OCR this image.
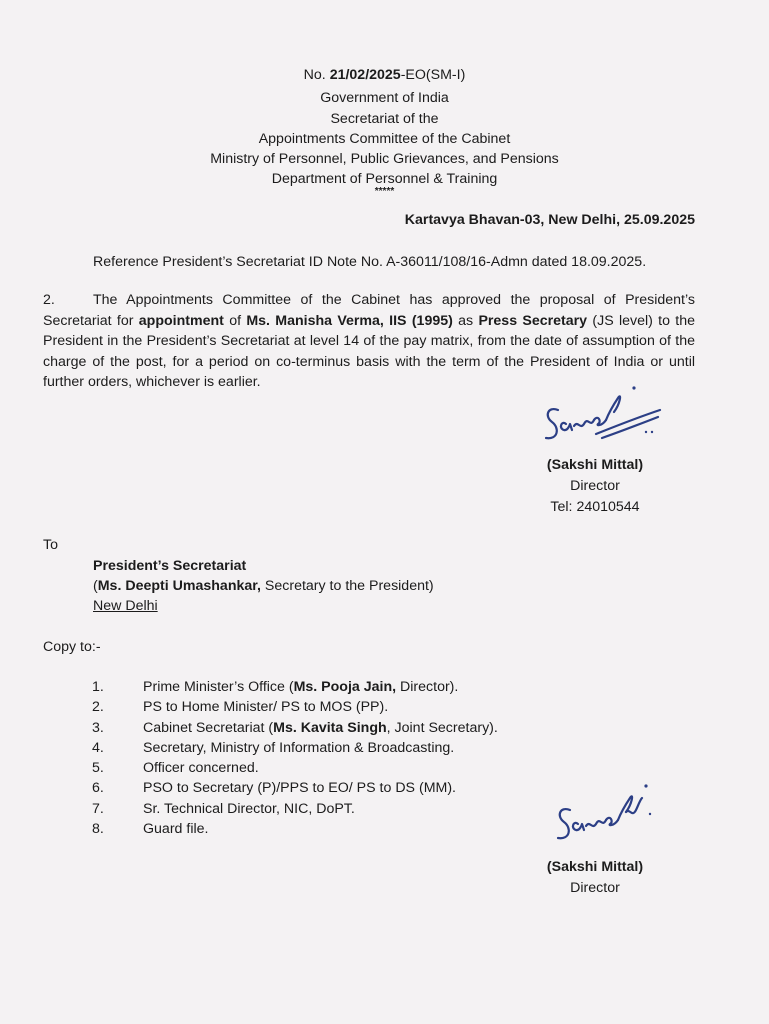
No. 21/02/2025-EO(SM-I)
Government of India
Secretariat of the
Appointments Committee of the Cabinet
Ministry of Personnel, Public Grievances, and Pensions
Department of Personnel & Training
*****
Kartavya Bhavan-03, New Delhi, 25.09.2025
Reference President’s Secretariat ID Note No. A-36011/108/16-Admn dated 18.09.2025.
2.	The Appointments Committee of the Cabinet has approved the proposal of President’s Secretariat for appointment of Ms. Manisha Verma, IIS (1995) as Press Secretary (JS level) to the President in the President’s Secretariat at level 14 of the pay matrix, from the date of assumption of the charge of the post, for a period on co-terminus basis with the term of the President of India or until further orders, whichever is earlier.
(Sakshi Mittal)
Director
Tel: 24010544
To
President’s Secretariat
(Ms. Deepti Umashankar, Secretary to the President)
New Delhi
Copy to:-
1.	Prime Minister’s Office (Ms. Pooja Jain, Director).
2.	PS to Home Minister/ PS to MOS (PP).
3.	Cabinet Secretariat (Ms. Kavita Singh, Joint Secretary).
4.	Secretary, Ministry of Information & Broadcasting.
5.	Officer concerned.
6.	PSO to Secretary (P)/PPS to EO/ PS to DS (MM).
7.	Sr. Technical Director, NIC, DoPT.
8.	Guard file.
(Sakshi Mittal)
Director
